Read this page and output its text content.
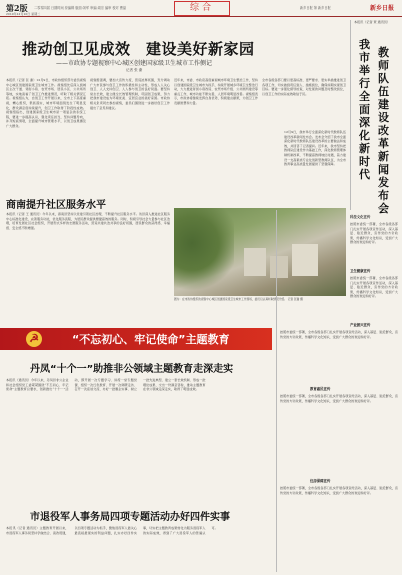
第2版 二零零四届 日期时间 综编辑 版面:刘军 审编:周宗 编审 校对 曹晶
2019年12月10日 星期二
综合	新乡日报 第 新乡日报	新乡日报
推动创卫见成效　建设美好新家园
——市政协专题视察中心城区创建国家级卫生城市工作侧记
记者 张 谢
本报讯（记者 张 谢）12月9日，市政协组织部分委员视察中心城区创建国家级卫生城市工作。视察组先后深入到城区主次干道、背街小巷、农贸市场、居民小区、公共场所等地，实地查看了创卫工作推进情况，听取了相关情况汇报。视察组认为，自创卫工作开展以来，全市上下高度重视，精心组织，狠抓落实，城市环境面貌发生了明显变化，群众满意度持续提升，创卫工作取得了阶段性成效。视察组指出，创建国家级卫生城市是一项复杂的系统工程，要进一步提高认识，强化责任担当，坚持问题导向，补齐短板弱项，全面提升城市管理水平，以创卫成果惠及广大群众。
视察组强调，要加大宣传力度，营造浓厚氛围，充分调动广大市民参与创卫工作的积极性和主动性，形成人人关心创卫、人人支持创卫、人人参与创卫的良好局面。要坚持常态长效，建立健全长效管理机制，巩固创卫成果，努力把我市建设成为环境优美、宜居宜业的美好家园。市政协相关负责同志参加视察，委员们围绕进一步做好创卫工作提出了意见和建议。
近年来，市委、市政府高度重视城市环境卫生整治工作，坚持以创建国家级卫生城市为抓手，持续开展城乡环境卫生整治行动，大力推进背街小巷改造、农贸市场升级、公共厕所建设等重点工作，城市功能不断完善，人居环境明显改善。视察组表示，市政协将继续发挥自身优势，积极建言献策，为创卫工作贡献智慧和力量。
全市各级各部门要以更高标准、更严要求、更实举措推进创卫各项工作，切实做到责任到人、措施到位，确保如期实现创卫目标。要进一步强化督导检查，对发现的问题及时整改到位，以创卫工作的实际成效取信于民。
本报讯（记者 贾 通讯员）
我市举行全面深化新时代
教师队伍建设改革新闻发布会
12月9日，我市举行全面深化新时代教师队伍建设改革新闻发布会。发布会介绍了我市全面深化新时代教师队伍建设改革的主要做法和成效，并回答了记者提问。近年来，我市坚持把教师队伍建设作为基础工作，深化教师管理体制机制改革，不断提高教师地位待遇，着力建设一支高素质专业化创新型教师队伍，为全市教育事业高质量发展提供了坚强保障。
图为：在市政协组织的视察中心城区创建国家级卫生城市工作现场，委员们认真听取情况介绍。 记者 张谢 摄
商南提升社区服务水平
本报讯（记者 王 通讯员）今年以来，商南县坚持以党建引领社区治理，不断提升社区服务水平。该县深入推进社区服务中心标准化建设，完善服务功能，优化服务流程，为居民群众提供便捷高效的服务。同时，积极引导社会力量参与社区治理，培育发展社区社会组织，开展形式多样的志愿服务活动，营造共建共治共享的良好氛围，居民群众的获得感、幸福感、安全感不断增强。
科技文化宣传
按照市委统一部署，全市各级各部门扎实开展各项宣传活动，深入基层、贴近群众，宣传党的方针政策，传播科学文化知识，受到广大群众的欢迎和好评。
卫生健康宣传
按照市委统一部署，全市各级各部门扎实开展各项宣传活动，深入基层、贴近群众，宣传党的方针政策，传播科学文化知识，受到广大群众的欢迎和好评。
产业振兴宣传
按照市委统一部署，全市各级各部门扎实开展各项宣传活动，深入基层、贴近群众，宣传党的方针政策，传播科学文化知识，受到广大群众的欢迎和好评。
教育惠民宣传
按照市委统一部署，全市各级各部门扎实开展各项宣传活动，深入基层、贴近群众，宣传党的方针政策，传播科学文化知识，受到广大群众的欢迎和好评。
住房保障宣传
按照市委统一部署，全市各级各部门扎实开展各项宣传活动，深入基层、贴近群众，宣传党的方针政策，传播科学文化知识，受到广大群众的欢迎和好评。
☭	“不忘初心、牢记使命”主题教育
丹凤“十个一”助推非公领域主题教育走深走实
本报讯（通讯员）今年以来，丹凤县非公企业和社会组织党工委紧紧围绕“不忘初心、牢记使命”主题教育总要求，创新推出“十个一”活动，即开展一次专题学习、讲授一堂专题党课、组织一次红色教育、开展一次调研走访、召开一次座谈交流、办好一批惠企实事、树立一批先进典型、建立一套长效机制、形成一批理论成果、交出一份满意答卷，推动主题教育在非公领域走深走实，取得了明显成效。
市退役军人事务局四项专题活动办好四件实事
本报讯（记者 通讯员）主题教育开展以来，市退役军人事务局坚持学做结合、查改贯通，以四项专题活动为抓手，聚焦退役军人最关心最直接最现实的利益问题，扎实办好四件实事，切实把主题教育成果转化为服务退役军人的实际成效，得到了广大退役军人的普遍认可。
